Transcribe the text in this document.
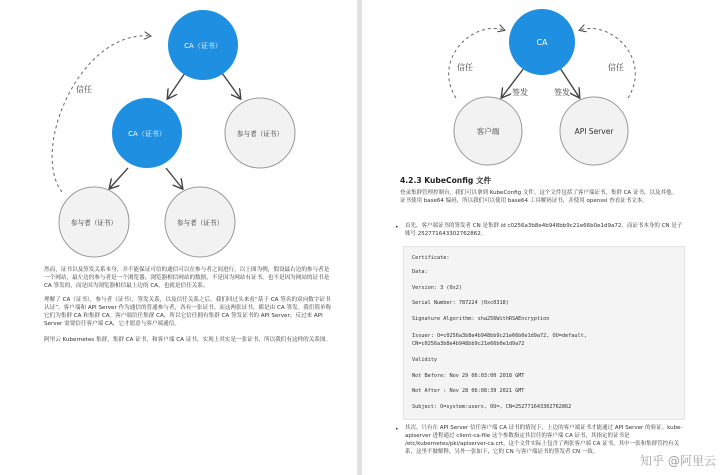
信任
CA（证书）
CA（证书）	参与者（证书）
参与者（证书）	参与者（证书）

然而，证书以及签发关系本身，并不能保证可信的通信可以在参与者之间进行。以上图为例，假设最右边的参与者是一个网站，最左边的参与者是一个浏览器，浏览器相信网站的数据，不是因为网站有证书，也不是因为网站的证书是 CA 签发的，而是因为浏览器相信最上边的 CA，也就是信任关系。

理解了 CA（证书），参与者（证书），签发关系，以及信任关系之后，我们回过头来看“基于 CA 签名的双向数字证书认证”。客户端和 API Server 作为通信的普通参与者，各有一张证书。而这两张证书，都是由 CA 签发。我们简单称它们为集群 CA 和集群 CA。客户端信任集群 CA，所以它信任拥有集群 CA 签发证书的 API Server；反过来 API Server 需要信任客户端 CA，它才愿意与客户端通信。

阿里云 Kubernetes 集群，集群 CA 证书，和客户端 CA 证书，实现上其实是一张证书，所以我们有这样的关系图。

签发	签发
信任	信任
CA
客户端	API Server

4.2.3 KubeConfig 文件

登录集群管理控制台，我们可以拿到 KubeConfig 文件。这个文件包括了客户端证书，集群 CA 证书，以及其他。证书使用 base64 编码，所以我们可以使用 base64 工具解码证书，并使用 openssl 查看证书文本。

• 首先，客户端证书的签发者 CN 是集群 id c0256a3b8e4b948bb9c21e66b0e1d9a72，而证书本身的 CN 是子账号 252771643302762862。

Certificate:
Data:
Version: 3 (0x2)
Serial Number: 787224 (0xc0318)
Signature Algorithm: sha256WithRSAEncryption
Issuer: O=c0256a3b8e4b948bb9c21e66b0e1d9a72, OU=default, CN=c0256a3b8e4b948bb9c21e66b0e1d9a72
Validity
Not Before: Nov 29 06:03:00 2018 GMT
Not After : Nov 28 06:08:39 2021 GMT
Subject: O=system:users, OU=, CN=252771643302762862
• 其次，只有在 API Server 信任客户端 CA 证书的情况下，上边的客户端证书才能通过 API Server 的验证。kube-apiserver 进程通过 client-ca-file 这个参数指定其信任的客户端 CA 证书，其指定的证书是 /etc/kubernetes/pki/apiserver-ca.crt。这个文件实际上包含了两张客户端 CA 证书，其中一张和集群管控有关系，这里不做解释，另外一张如下，它的 CN 与客户端证书的签发者 CN 一致。

知乎 @阿里云
